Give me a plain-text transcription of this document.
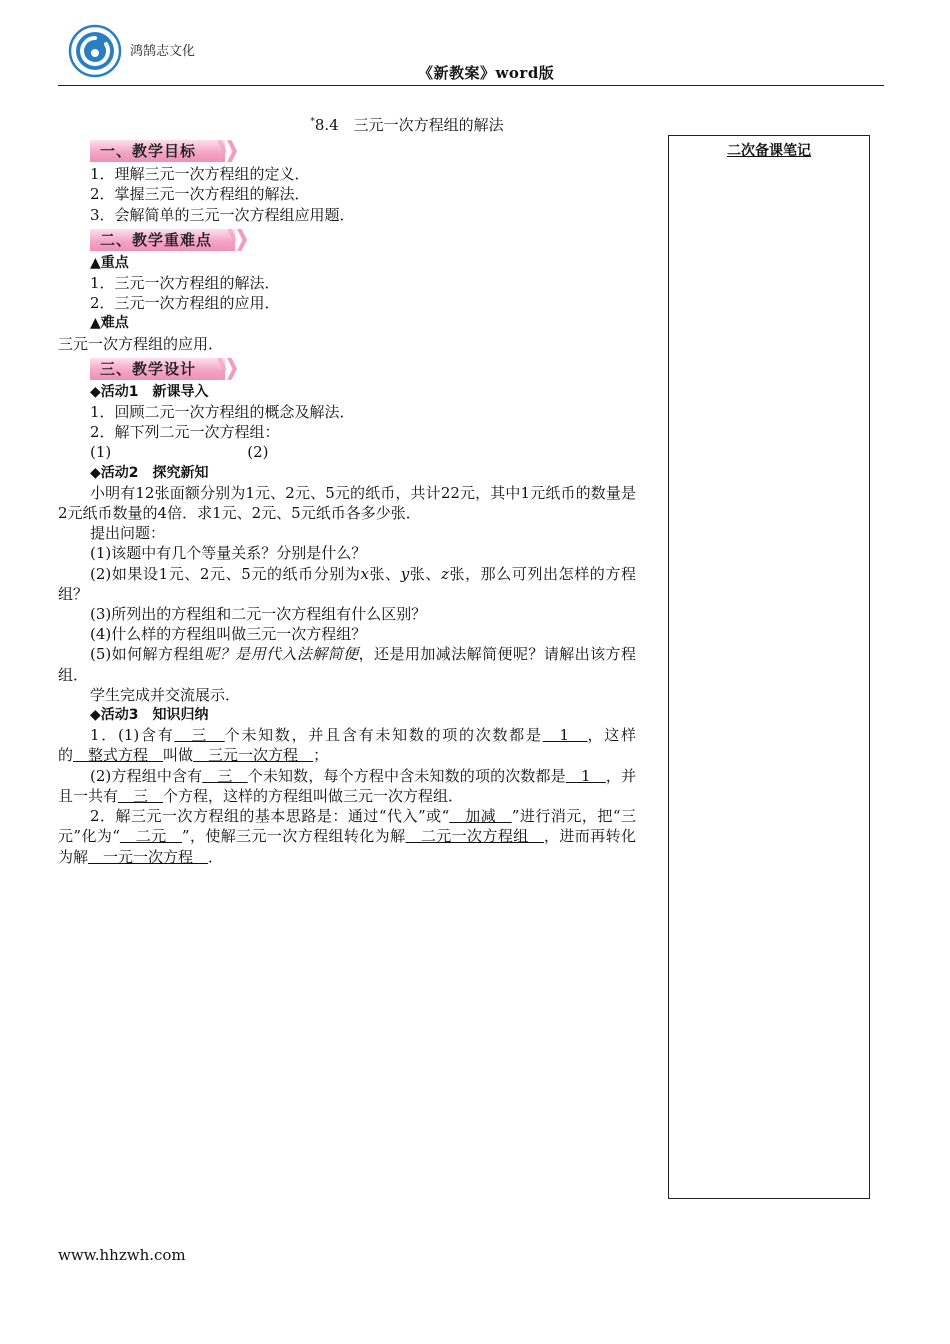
鸿鹄志文化
《新教案》word版
*8.4　三元一次方程组的解法
一、教学目标
1．理解三元一次方程组的定义．
2．掌握三元一次方程组的解法．
3．会解简单的三元一次方程组应用题．
二、教学重难点
▲重点
1．三元一次方程组的解法．
2．三元一次方程组的应用．
▲难点
三元一次方程组的应用．
三、教学设计
◆活动1　新课导入
1．回顾二元一次方程组的概念及解法．
2．解下列二元一次方程组：
(1)	(2)
◆活动2　探究新知
小明有12张面额分别为1元、2元、5元的纸币，共计22元，其中1元纸币的数量是2元纸币数量的4倍．求1元、2元、5元纸币各多少张．
提出问题：
(1)该题中有几个等量关系？分别是什么？
(2)如果设1元、2元、5元的纸币分别为x张、y张、z张，那么可列出怎样的方程组？
(3)所列出的方程组和二元一次方程组有什么区别？
(4)什么样的方程组叫做三元一次方程组？
(5)如何解方程组呢？是用代入法解简便，还是用加减法解简便呢？请解出该方程组．
学生完成并交流展示．
◆活动3　知识归纳
1．(1)含有　三　个未知数，并且含有未知数的项的次数都是　1　，这样的　整式方程　叫做　三元一次方程　；
(2)方程组中含有　三　个未知数，每个方程中含未知数的项的次数都是　1　，并且一共有　三　个方程，这样的方程组叫做三元一次方程组．
2．解三元一次方程组的基本思路是：通过“代入”或“　加减　”进行消元，把“三元”化为“　二元　”，使解三元一次方程组转化为解　二元一次方程组　，进而再转化为解　一元一次方程　．
二次备课笔记
www.hhzwh.com
